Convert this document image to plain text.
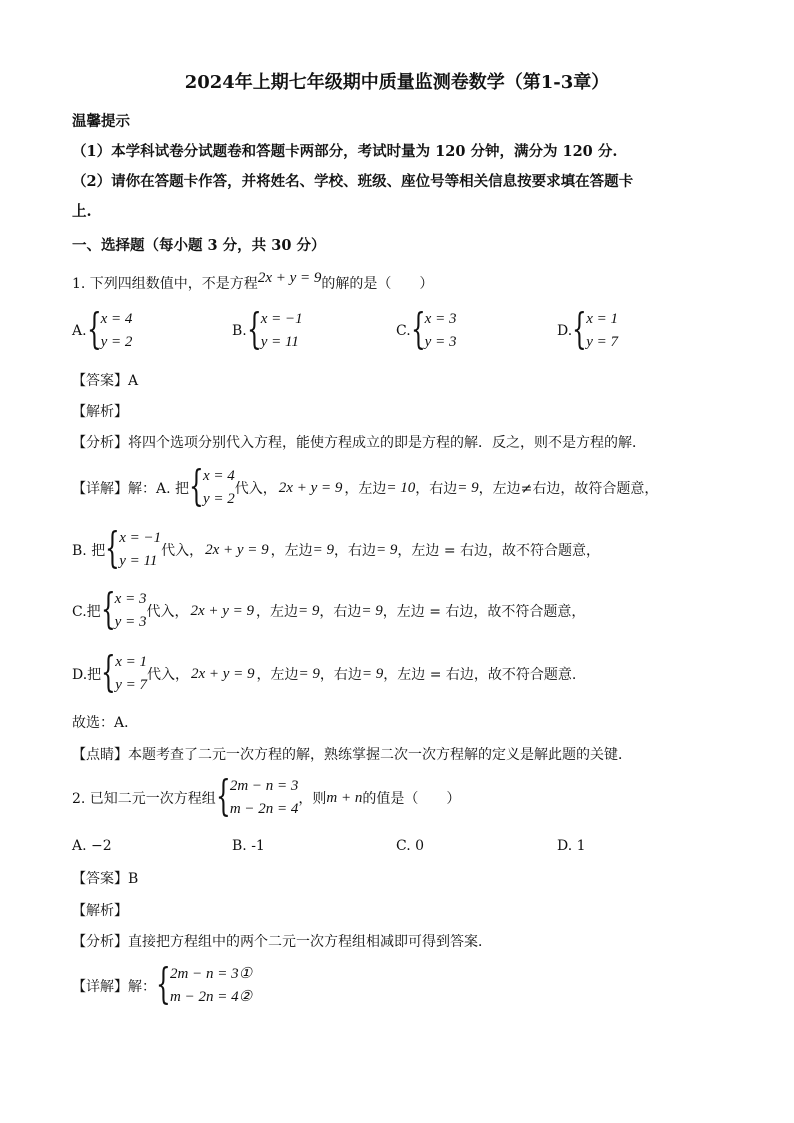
2024年上期七年级期中质量监测卷数学（第1-3章）
温馨提示
（1）本学科试卷分试题卷和答题卡两部分，考试时量为 120 分钟，满分为 120 分.
（2）请你在答题卡作答，并将姓名、学校、班级、座位号等相关信息按要求填在答题卡
上.
一、选择题（每小题 3 分，共 30 分）
1. 下列四组数值中，不是方程 2x + y = 9 的解的是（　　）
A. { x = 4
y = 2
B. { x = −1
y = 11
C. { x = 3
y = 3
D. { x = 1
y = 7
【答案】A
【解析】
【分析】将四个选项分别代入方程，能使方程成立的即是方程的解．反之，则不是方程的解．
【详解】解：A. 把 { x = 4
y = 2
代入， 2x + y = 9 ，左边 = 10 ，右边 = 9 ，左边≠右边，故符合题意，
B. 把 { x = −1
y = 11
代入， 2x + y = 9 ，左边 = 9 ，右边 = 9 ，左边 = 右边，故不符合题意，
C.把 { x = 3
y = 3
代入， 2x + y = 9 ，左边 = 9 ，右边 = 9 ，左边 = 右边，故不符合题意，
D.把 { x = 1
y = 7
代入， 2x + y = 9 ，左边 = 9 ，右边 = 9 ，左边 = 右边，故不符合题意.
故选：A．
【点睛】本题考查了二元一次方程的解，熟练掌握二次一次方程解的定义是解此题的关键．
2. 已知二元一次方程组 { 2m − n = 3
m − 2n = 4
，则 m + n 的值是（　　）
A. −2	B. -1	C. 0	D. 1
【答案】B
【解析】
【分析】直接把方程组中的两个二元一次方程组相减即可得到答案．
【详解】解： { 2m − n = 3①
m − 2n = 4②
